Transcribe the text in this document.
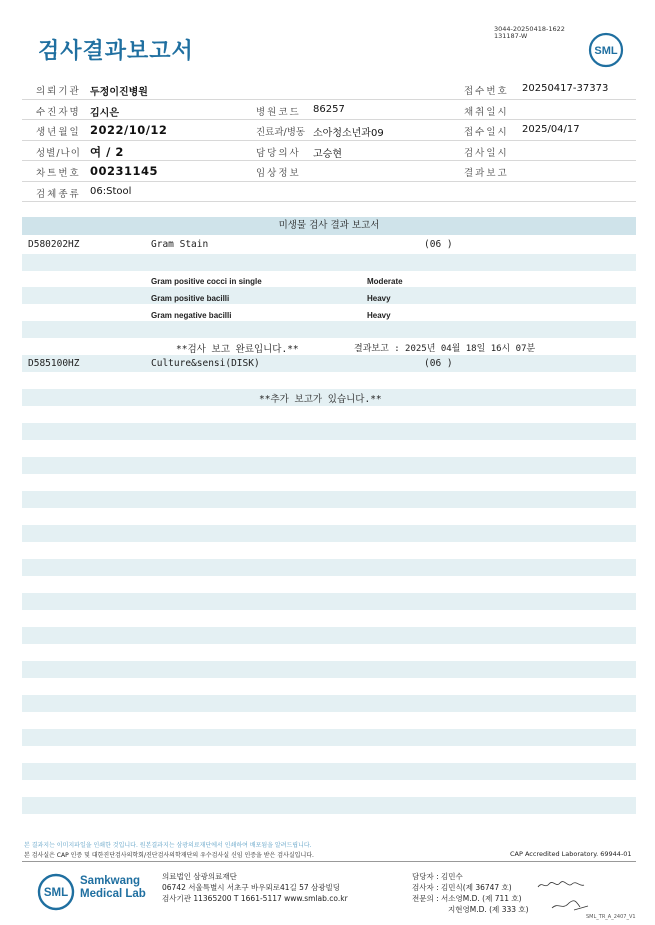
검사결과보고서
3044-20250418-1622
131187-W
SML
의뢰기관 두정이진병원	접수번호 20250417-37373
수진자명 김시은	병원코드 86257	채취일시
생년월일 2022/10/12	진료과/병동 소아청소년과09	접수일시 2025/04/17
성별/나이 여 / 2	담당의사 고승현	검사일시
차트번호 00231145	임상정보	결과보고
검체종류 06:Stool
미생물 검사 결과 보고서
D580202HZ	Gram Stain	(06 )
Gram positive cocci in single	Moderate
Gram positive bacilli	Heavy
Gram negative bacilli	Heavy
**검사 보고 완료입니다.**	결과보고 : 2025년 04월 18일 16시 07분
D585100HZ	Culture&sensi(DISK)	(06 )
**추가 보고가 있습니다.**
본 결과지는 이미지파일을 인쇄한 것입니다. 원본결과지는 삼광의료재단에서 인쇄하여 배포됨을 알려드립니다.
본 검사실은 CAP 인증 및 대한진단검사의학회/진단검사의학재단의 우수검사실 신임 인증을 받은 검사실입니다.	CAP Accredited Laboratory. 69944-01
SML
Samkwang
Medical Lab
의료법인 삼광의료재단
06742 서울특별시 서초구 바우뫼로41길 57 삼광빌딩
검사기관 11365200 T 1661-5117 www.smlab.co.kr
담당자 : 김민수
검사자 : 김민식(제 36747 호)
전문의 : 서소영M.D. (제 711 호)
지현영M.D. (제 333 호)
SML_TR_A_2407_V1
